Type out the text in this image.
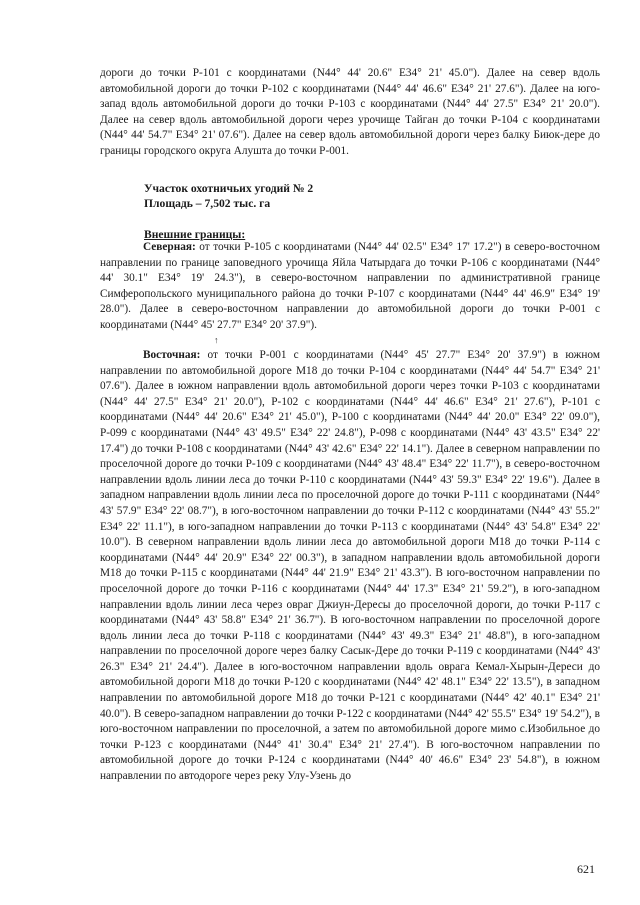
дороги до точки Р-101 с координатами (N44° 44' 20.6" E34° 21' 45.0"). Далее на север вдоль автомобильной дороги до точки Р-102 с координатами (N44° 44' 46.6" E34° 21' 27.6"). Далее на юго-запад вдоль автомобильной дороги до точки Р-103 с координатами (N44° 44' 27.5" E34° 21' 20.0"). Далее на север вдоль автомобильной дороги через урочище Тайган до точки Р-104 с координатами (N44° 44' 54.7" E34° 21' 07.6"). Далее на север вдоль автомобильной дороги через балку Биюк-дере до границы городского округа Алушта до точки Р-001.

Участок охотничьих угодий № 2
Площадь – 7,502 тыс. га
Внешние границы:

Северная: от точки Р-105 с координатами (N44° 44' 02.5" E34° 17' 17.2") в северо-восточном направлении по границе заповедного урочища Яйла Чатырдага до точки Р-106 с координатами (N44° 44' 30.1" E34° 19' 24.3"), в северо-восточном направлении по административной границе Симферопольского муниципального района до точки Р-107 с координатами (N44° 44' 46.9" E34° 19' 28.0"). Далее в северо-восточном направлении до автомобильной дороги до точки Р-001 с координатами (N44° 45' 27.7" E34° 20' 37.9").

↑

Восточная: от точки Р-001 с координатами (N44° 45' 27.7" E34° 20' 37.9") в южном направлении по автомобильной дороге М18 до точки Р-104 с координатами (N44° 44' 54.7" E34° 21' 07.6"). Далее в южном направлении вдоль автомобильной дороги через точки Р-103 с координатами (N44° 44' 27.5" E34° 21' 20.0"), Р-102 с координатами (N44° 44' 46.6" E34° 21' 27.6"), Р-101 с координатами (N44° 44' 20.6" E34° 21' 45.0"), Р-100 с координатами (N44° 44' 20.0" E34° 22' 09.0"), Р-099 с координатами (N44° 43' 49.5" E34° 22' 24.8"), Р-098 с координатами (N44° 43' 43.5" E34° 22' 17.4") до точки Р-108 с координатами (N44° 43' 42.6" E34° 22' 14.1"). Далее в северном направлении по проселочной дороге до точки Р-109 с координатами (N44° 43' 48.4" E34° 22' 11.7"), в северо-восточном направлении вдоль линии леса до точки Р-110 с координатами (N44° 43' 59.3" E34° 22' 19.6"). Далее в западном направлении вдоль линии леса по проселочной дороге до точки Р-111 с координатами (N44° 43' 57.9" E34° 22' 08.7"), в юго-восточном направлении до точки Р-112 с координатами (N44° 43' 55.2" E34° 22' 11.1"), в юго-западном направлении до точки Р-113 с координатами (N44° 43' 54.8" E34° 22' 10.0"). В северном направлении вдоль линии леса до автомобильной дороги М18 до точки Р-114 с координатами (N44° 44' 20.9" E34° 22' 00.3"), в западном направлении вдоль автомобильной дороги М18 до точки Р-115 с координатами (N44° 44' 21.9" E34° 21' 43.3"). В юго-восточном направлении по проселочной дороге до точки Р-116 с координатами (N44° 44' 17.3" E34° 21' 59.2"), в юго-западном направлении вдоль линии леса через овраг Джиун-Дересы до проселочной дороги, до точки Р-117 с координатами (N44° 43' 58.8" E34° 21' 36.7"). В юго-восточном направлении по проселочной дороге вдоль линии леса до точки Р-118 с координатами (N44° 43' 49.3" E34° 21' 48.8"), в юго-западном направлении по проселочной дороге через балку Сасык-Дере до точки Р-119 с координатами (N44° 43' 26.3" E34° 21' 24.4"). Далее в юго-восточном направлении вдоль оврага Кемал-Хырын-Дереси до автомобильной дороги М18 до точки Р-120 с координатами (N44° 42' 48.1" E34° 22' 13.5"), в западном направлении по автомобильной дороге М18 до точки Р-121 с координатами (N44° 42' 40.1" E34° 21' 40.0"). В северо-западном направлении до точки Р-122 с координатами (N44° 42' 55.5" E34° 19' 54.2"), в юго-восточном направлении по проселочной, а затем по автомобильной дороге мимо с.Изобильное до точки Р-123 с координатами (N44° 41' 30.4" E34° 21' 27.4"). В юго-восточном направлении по автомобильной дороге до точки Р-124 с координатами (N44° 40' 46.6" E34° 23' 54.8"), в южном направлении по автодороге через реку Улу-Узень до

621
